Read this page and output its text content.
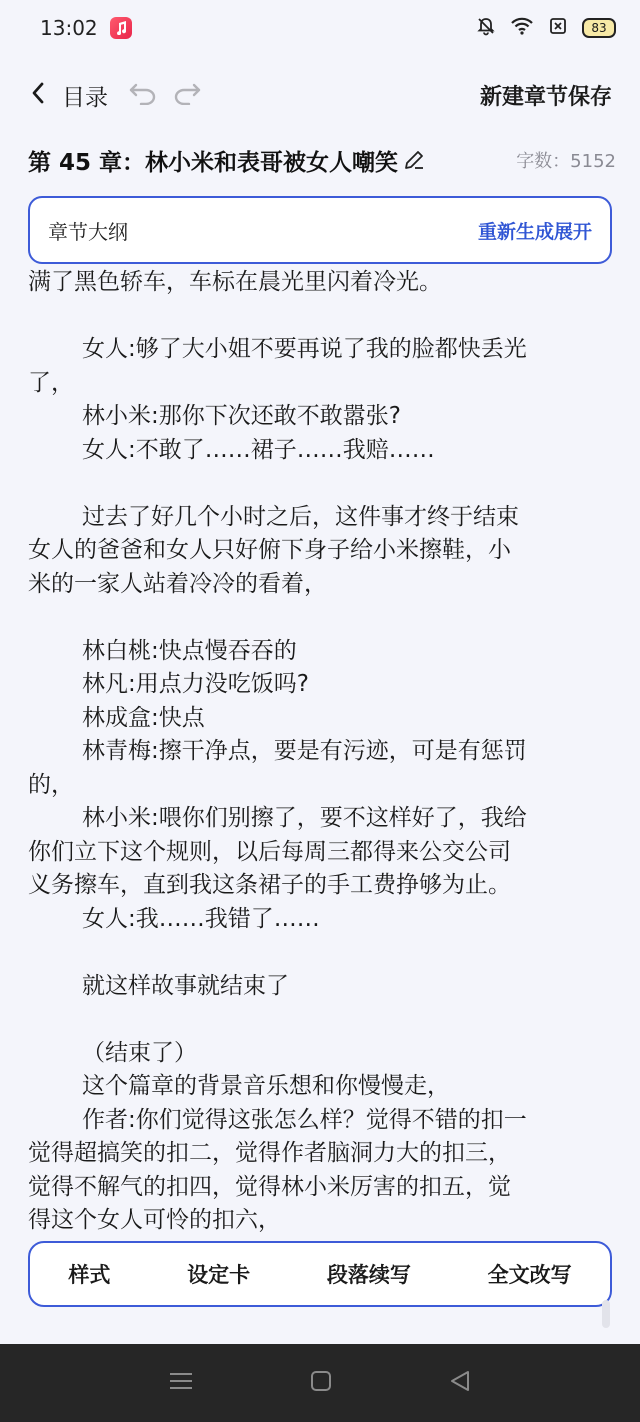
13:02	83
目录	新建章节保存
第 45 章：林小米和表哥被女人嘲笑	字数：5152
章节大纲	重新生成展开
满了黑色轿车，车标在晨光里闪着冷光。
女人:够了大小姐不要再说了我的脸都快丢光
了，
林小米:那你下次还敢不敢嚣张?
女人:不敢了……裙子……我赔……
过去了好几个小时之后，这件事才终于结束
女人的爸爸和女人只好俯下身子给小米擦鞋，小
米的一家人站着冷冷的看着，
林白桃:快点慢吞吞的
林凡:用点力没吃饭吗?
林成盒:快点
林青梅:擦干净点，要是有污迹，可是有惩罚
的，
林小米:喂你们别擦了，要不这样好了，我给
你们立下这个规则，以后每周三都得来公交公司
义务擦车，直到我这条裙子的手工费挣够为止。
女人:我……我错了……
就这样故事就结束了
（结束了）
这个篇章的背景音乐想和你慢慢走，
作者:你们觉得这张怎么样？觉得不错的扣一
觉得超搞笑的扣二，觉得作者脑洞力大的扣三，
觉得不解气的扣四，觉得林小米厉害的扣五，觉
得这个女人可怜的扣六，
样式	设定卡	段落续写	全文改写
